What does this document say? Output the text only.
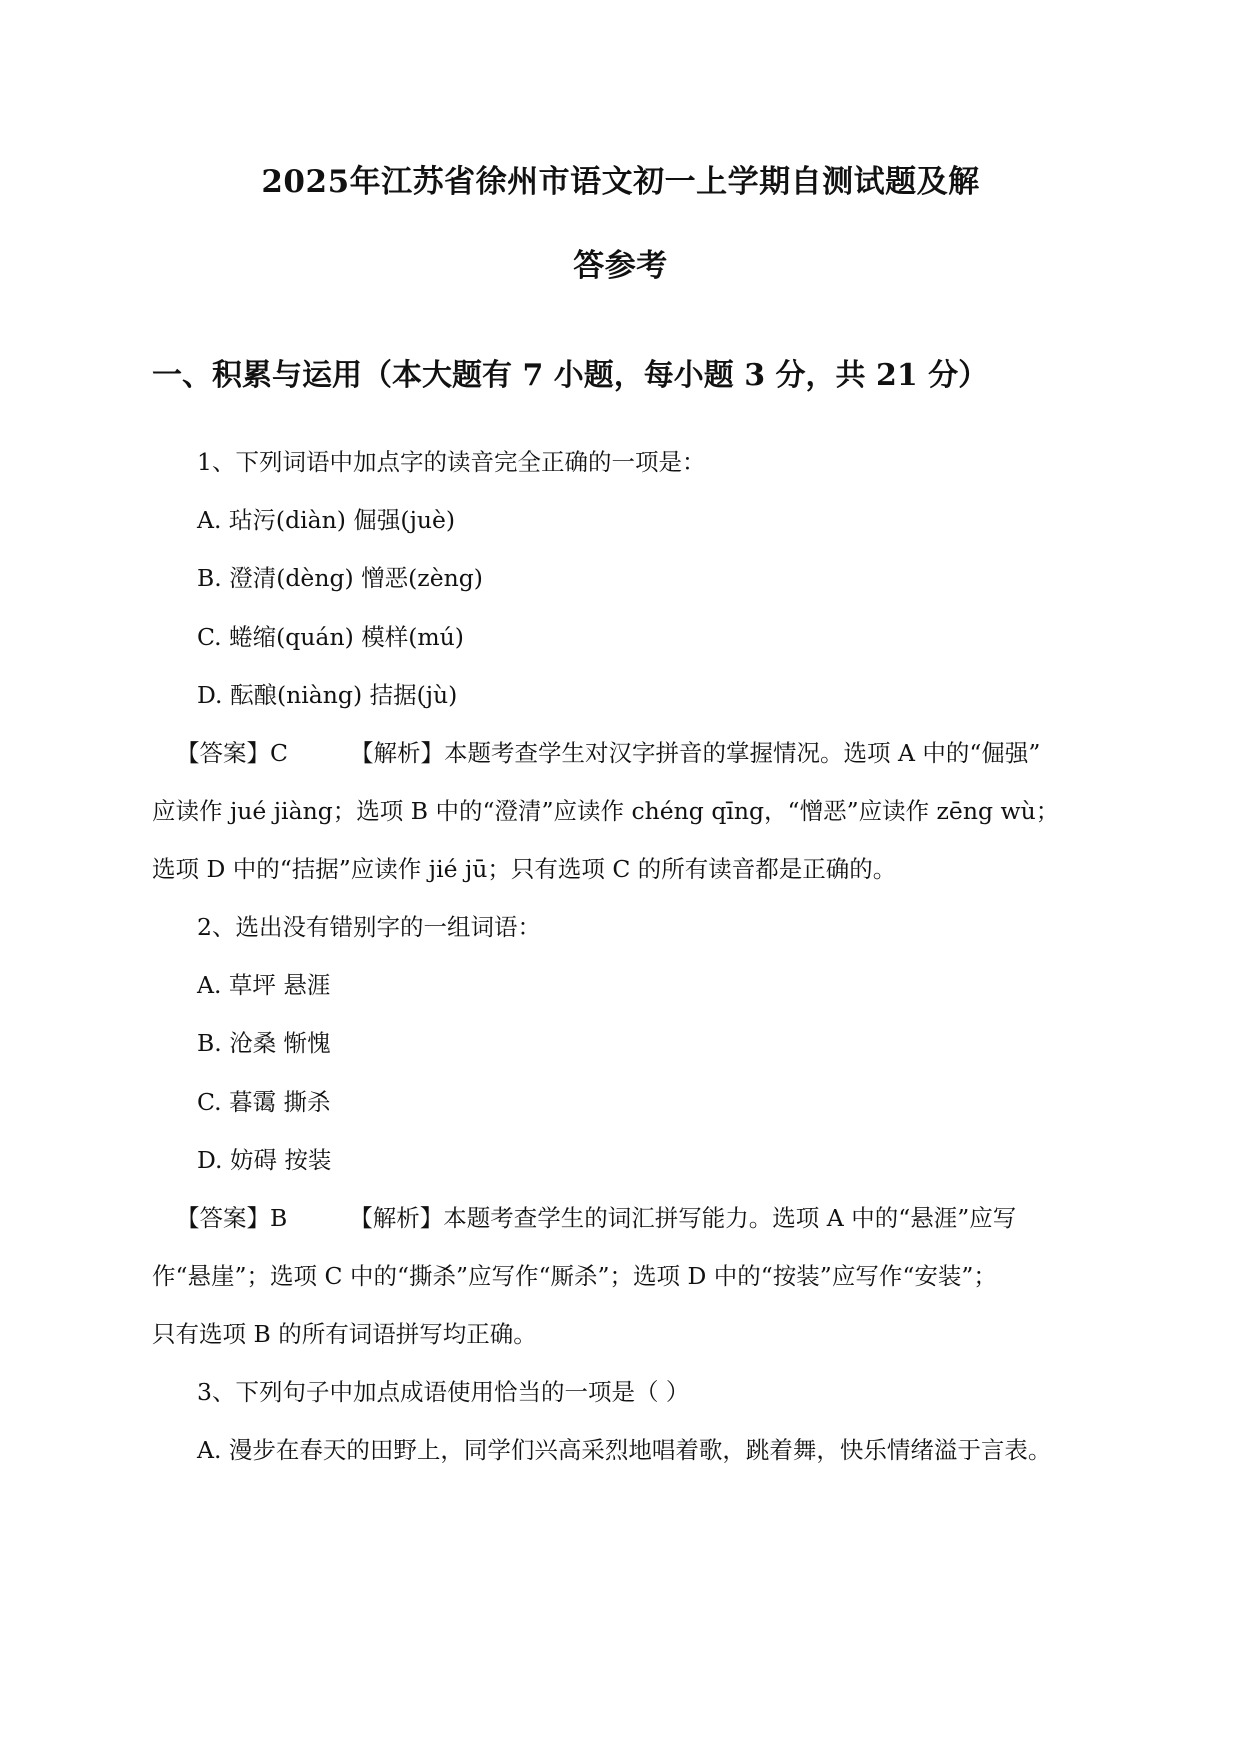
2025年江苏省徐州市语文初一上学期自测试题及解
答参考
一、积累与运用（本大题有 7 小题，每小题 3 分，共 21 分）
1、下列词语中加点字的读音完全正确的一项是：
A. 玷污(diàn) 倔强(juè)
B. 澄清(dèng) 憎恶(zèng)
C. 蜷缩(quán) 模样(mú)
D. 酝酿(niàng) 拮据(jù)
【答案】C	【解析】本题考查学生对汉字拼音的掌握情况。选项 A 中的“倔强”
应读作 jué jiàng；选项 B 中的“澄清”应读作 chéng qīng，“憎恶”应读作 zēng wù；
选项 D 中的“拮据”应读作 jié jū；只有选项 C 的所有读音都是正确的。
2、选出没有错别字的一组词语：
A. 草坪 悬涯
B. 沧桑 惭愧
C. 暮霭 撕杀
D. 妨碍 按装
【答案】B	【解析】本题考查学生的词汇拼写能力。选项 A 中的“悬涯”应写
作“悬崖”；选项 C 中的“撕杀”应写作“厮杀”；选项 D 中的“按装”应写作“安装”；
只有选项 B 的所有词语拼写均正确。
3、下列句子中加点成语使用恰当的一项是（ ）
A. 漫步在春天的田野上，同学们兴高采烈地唱着歌，跳着舞，快乐情绪溢于言表。
